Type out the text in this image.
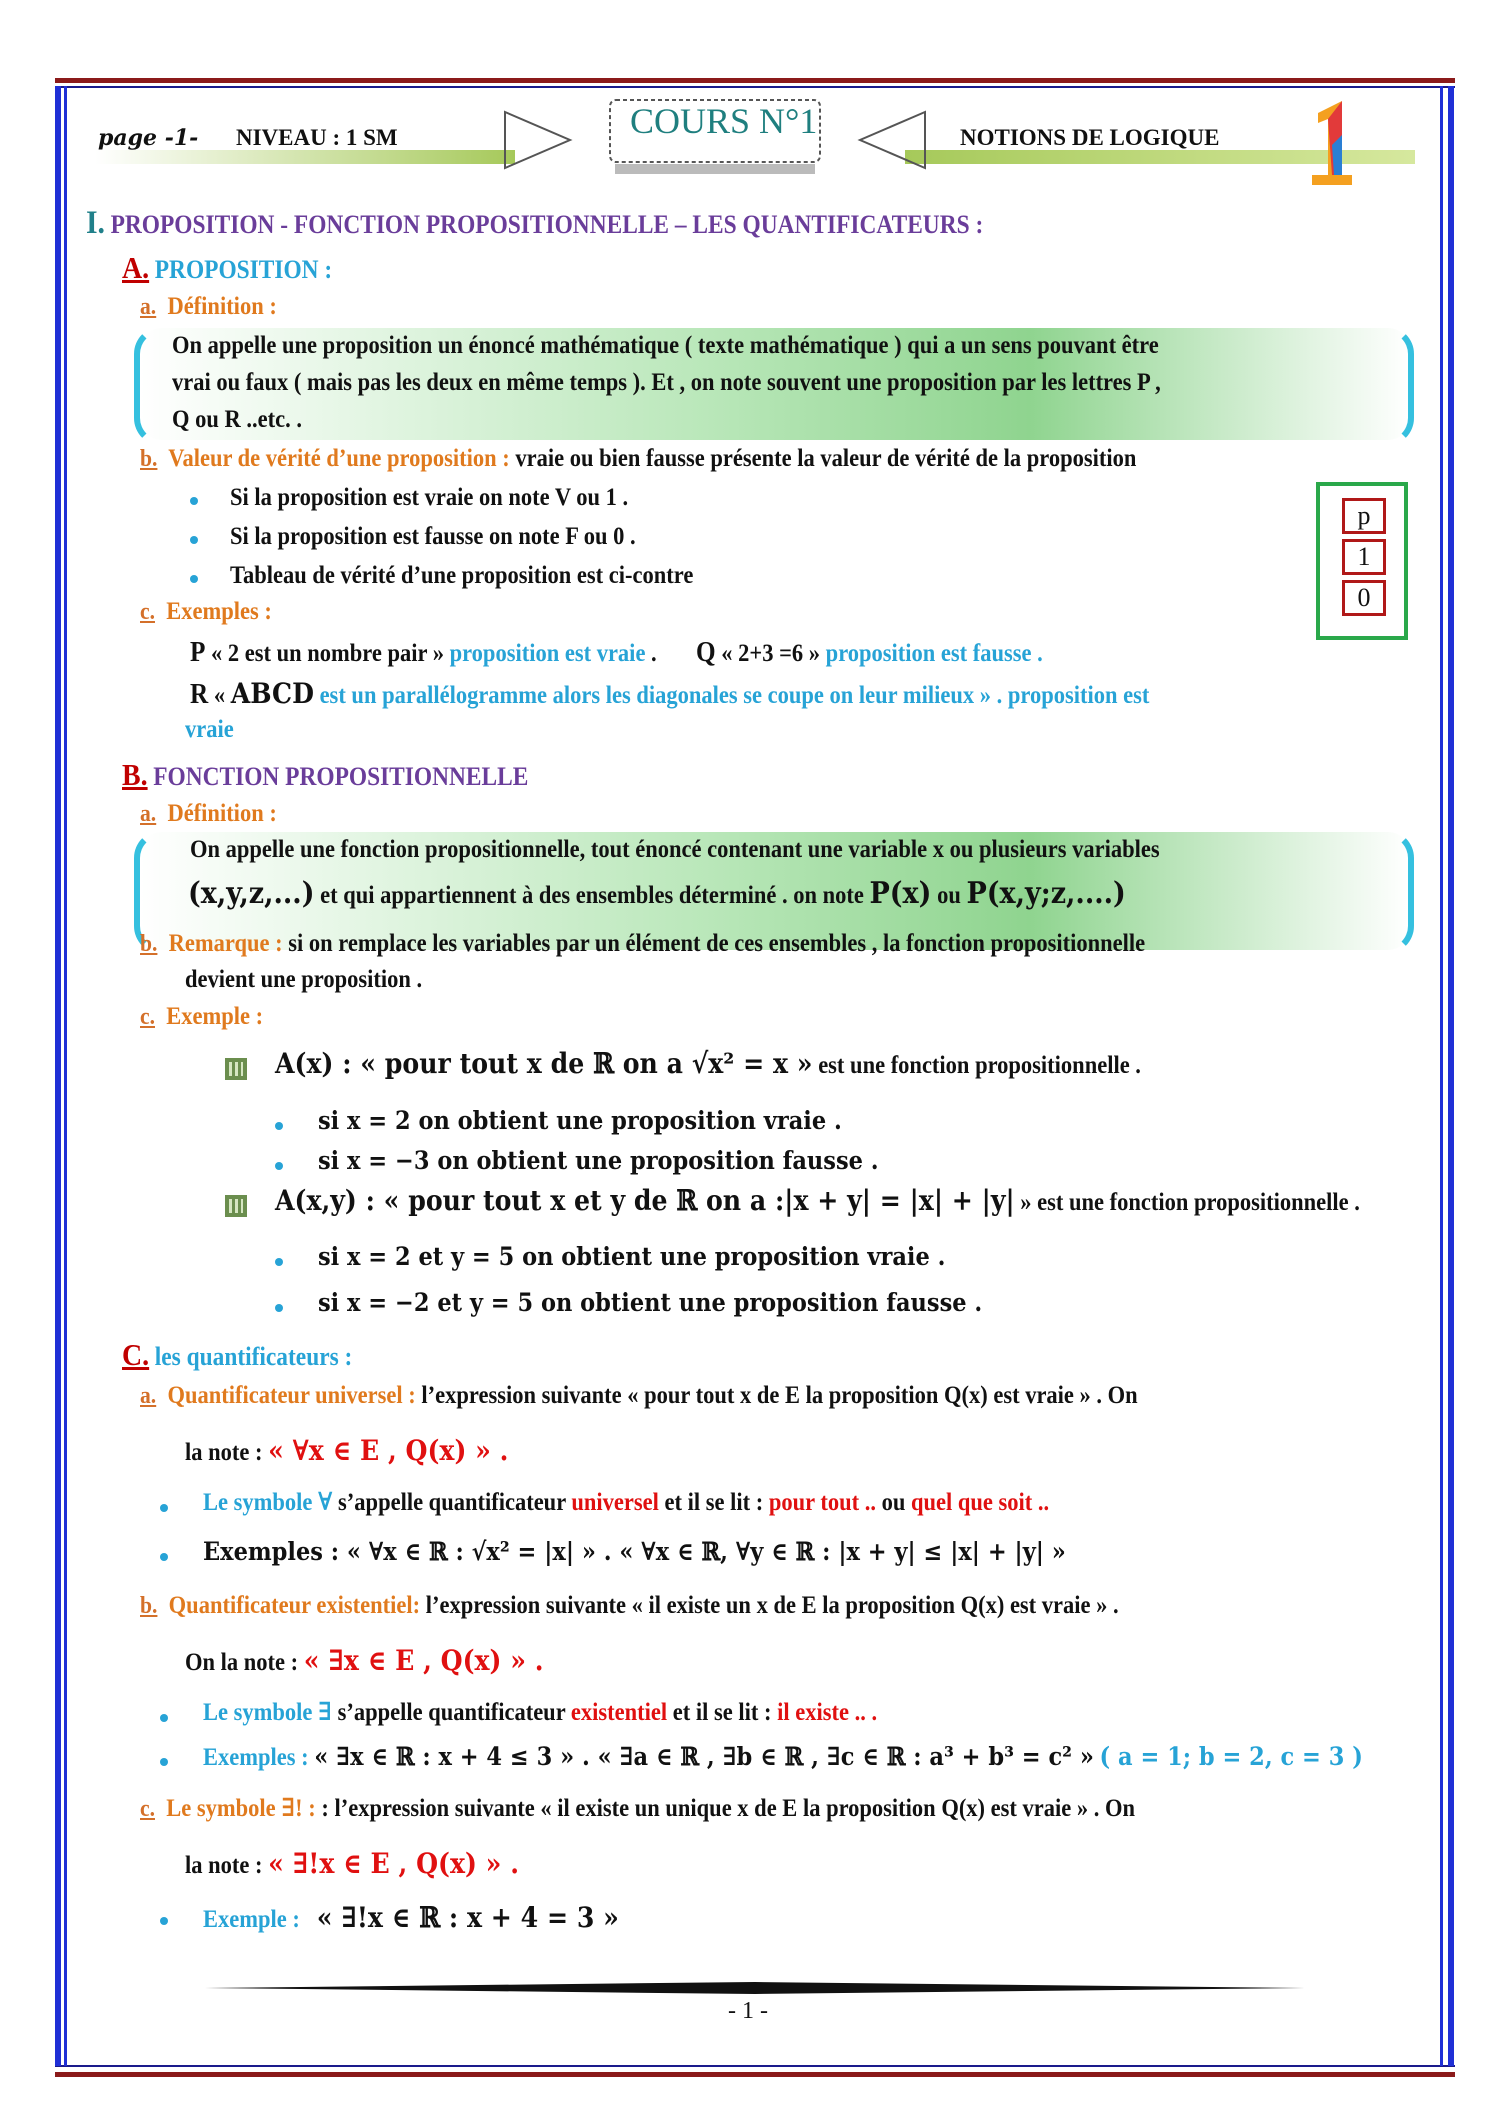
page -1- NIVEAU : 1 SM	COURS N°1	NOTIONS DE LOGIQUE
I. PROPOSITION - FONCTION PROPOSITIONNELLE – LES QUANTIFICATEURS :
A. PROPOSITION :
a. Définition :
On appelle une proposition un énoncé mathématique ( texte mathématique ) qui a un sens pouvant être
vrai ou faux ( mais pas les deux en même temps ). Et , on note souvent une proposition par les lettres P ,
Q ou R ..etc. .
b. Valeur de vérité d’une proposition : vraie ou bien fausse présente la valeur de vérité de la proposition
Si la proposition est vraie on note V ou 1 .
Si la proposition est fausse on note F ou 0 .
Tableau de vérité d’une proposition est ci-contre
p
1
0
c. Exemples :
P « 2 est un nombre pair » proposition est vraie . Q « 2+3 =6 » proposition est fausse .
R « ABCD est un parallélogramme alors les diagonales se coupe on leur milieux » . proposition est
vraie
B. FONCTION PROPOSITIONNELLE
a. Définition :
On appelle une fonction propositionnelle, tout énoncé contenant une variable x ou plusieurs variables
(x,y,z,...) et qui appartiennent à des ensembles déterminé . on note P(x) ou P(x,y;z,....)
b. Remarque : si on remplace les variables par un élément de ces ensembles , la fonction propositionnelle
devient une proposition .
c. Exemple :
A(x) : « pour tout x de ℝ on a √x² = x » est une fonction propositionnelle .
si x = 2 on obtient une proposition vraie .
si x = −3 on obtient une proposition fausse .
A(x,y) : « pour tout x et y de ℝ on a :|x + y| = |x| + |y| » est une fonction propositionnelle .
si x = 2 et y = 5 on obtient une proposition vraie .
si x = −2 et y = 5 on obtient une proposition fausse .
C. les quantificateurs :
a. Quantificateur universel : l’expression suivante « pour tout x de E la proposition Q(x) est vraie » . On
la note : « ∀x ∈ E , Q(x) » .
Le symbole ∀ s’appelle quantificateur universel et il se lit : pour tout .. ou quel que soit ..
Exemples : « ∀x ∈ ℝ : √x² = |x| » . « ∀x ∈ ℝ, ∀y ∈ ℝ : |x + y| ≤ |x| + |y| »
b. Quantificateur existentiel: l’expression suivante « il existe un x de E la proposition Q(x) est vraie » .
On la note : « ∃x ∈ E , Q(x) » .
Le symbole ∃ s’appelle quantificateur existentiel et il se lit : il existe .. .
Exemples : « ∃x ∈ ℝ : x + 4 ≤ 3 » . « ∃a ∈ ℝ , ∃b ∈ ℝ , ∃c ∈ ℝ : a³ + b³ = c² » ( a = 1; b = 2, c = 3 )
c. Le symbole ∃! : : l’expression suivante « il existe un unique x de E la proposition Q(x) est vraie » . On
la note : « ∃!x ∈ E , Q(x) » .
Exemple : « ∃!x ∈ ℝ : x + 4 = 3 »
- 1 -
